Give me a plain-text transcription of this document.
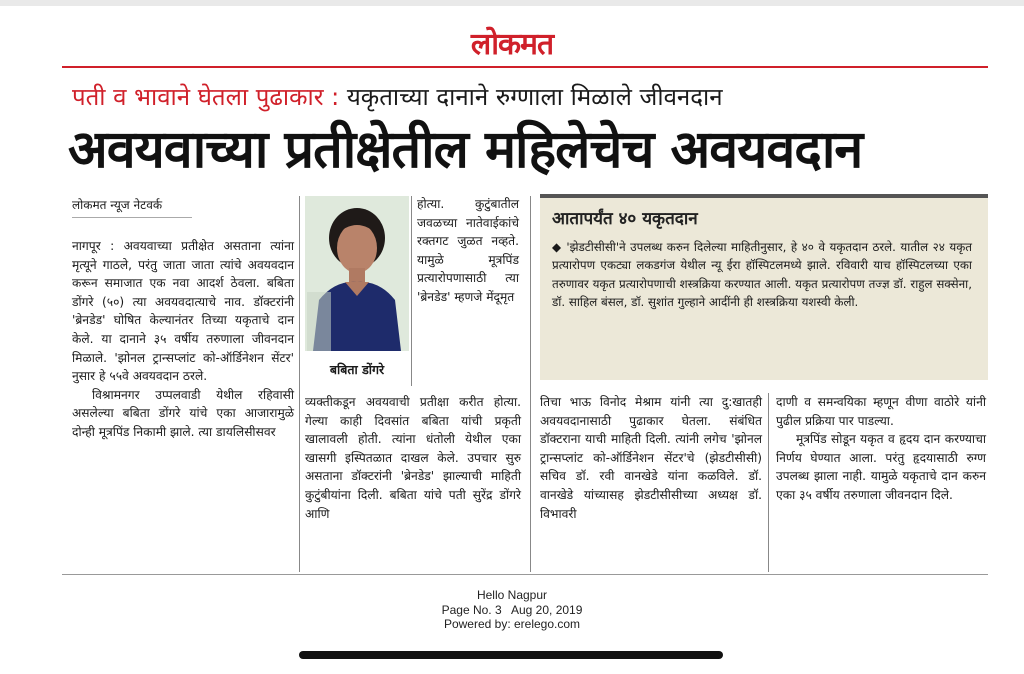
लोकमत
पती व भावाने घेतला पुढाकार : यकृताच्या दानाने रुग्णाला मिळाले जीवनदान
अवयवाच्या प्रतीक्षेतील महिलेचेच अवयवदान
लोकमत न्यूज नेटवर्क

नागपूर : अवयवाच्या प्रतीक्षेत असताना त्यांना मृत्यूने गाठले, परंतु जाता जाता त्यांचे अवयवदान करून समाजात एक नवा आदर्श ठेवला. बबिता डोंगरे (५०) त्या अवयवदात्याचे नाव. डॉक्टरांनी 'ब्रेनडेड' घोषित केल्यानंतर तिच्या यकृताचे दान केले. या दानाने ३५ वर्षीय तरुणाला जीवनदान मिळाले. 'झोनल ट्रान्सप्लांट को-ऑर्डिनेशन सेंटर' नुसार हे ५५वे अवयवदान ठरले.

विश्रामनगर उप्पलवाडी येथील रहिवासी असलेल्या बबिता डोंगरे यांचे एका आजारामुळे दोन्ही मूत्रपिंड निकामी झाले. त्या डायलिसीसवर

बबिता डोंगरे

होत्या. कुटुंबातील जवळच्या नातेवाईकांचे रक्तगट जुळत नव्हते. यामुळे मूत्रपिंड प्रत्यारोपणासाठी त्या 'ब्रेनडेड' म्हणजे मेंदूमृत

व्यक्तीकडून अवयवाची प्रतीक्षा करीत होत्या. गेल्या काही दिवसांत बबिता यांची प्रकृती खालावली होती. त्यांना धंतोली येथील एका खासगी इस्पितळात दाखल केले. उपचार सुरु असताना डॉक्टरांनी 'ब्रेनडेड' झाल्याची माहिती कुटुंबीयांना दिली. बबिता यांचे पती सुरेंद्र डोंगरे आणि

आतापर्यंत ४० यकृतदान
◆ 'झेडटीसीसी'ने उपलब्ध करुन दिलेल्या माहितीनुसार, हे ४० वे यकृतदान ठरले. यातील २४ यकृत प्रत्यारोपण एकट्या लकडगंज येथील न्यू ईरा हॉस्पिटलमध्ये झाले. रविवारी याच हॉस्पिटलच्या एका तरुणावर यकृत प्रत्यारोपणाची शस्त्रक्रिया करण्यात आली. यकृत प्रत्यारोपण तज्ज्ञ डॉ. राहुल सक्सेना, डॉ. साहिल बंसल, डॉ. सुशांत गुल्हाने आदींनी ही शस्त्रक्रिया यशस्वी केली.

तिचा भाऊ विनोद मेश्राम यांनी त्या दु:खातही अवयवदानासाठी पुढाकार घेतला. संबंधित डॉक्टराना याची माहिती दिली. त्यांनी लगेच 'झोनल ट्रान्सप्लांट को-ऑर्डिनेशन सेंटर'चे (झेडटीसीसी) सचिव डॉ. रवी वानखेडे यांना कळविले. डॉ. वानखेडे यांच्यासह झेडटीसीसीच्या अध्यक्ष डॉ. विभावरी

दाणी व समन्वयिका म्हणून वीणा वाठोरे यांनी पुढील प्रक्रिया पार पाडल्या.

मूत्रपिंड सोडून यकृत व हृदय दान करण्याचा निर्णय घेण्यात आला. परंतु हृदयासाठी रुग्ण उपलब्ध झाला नाही. यामुळे यकृताचे दान करुन एका ३५ वर्षीय तरुणाला जीवनदान दिले.

Hello Nagpur
Page No. 3   Aug 20, 2019
Powered by: erelego.com
